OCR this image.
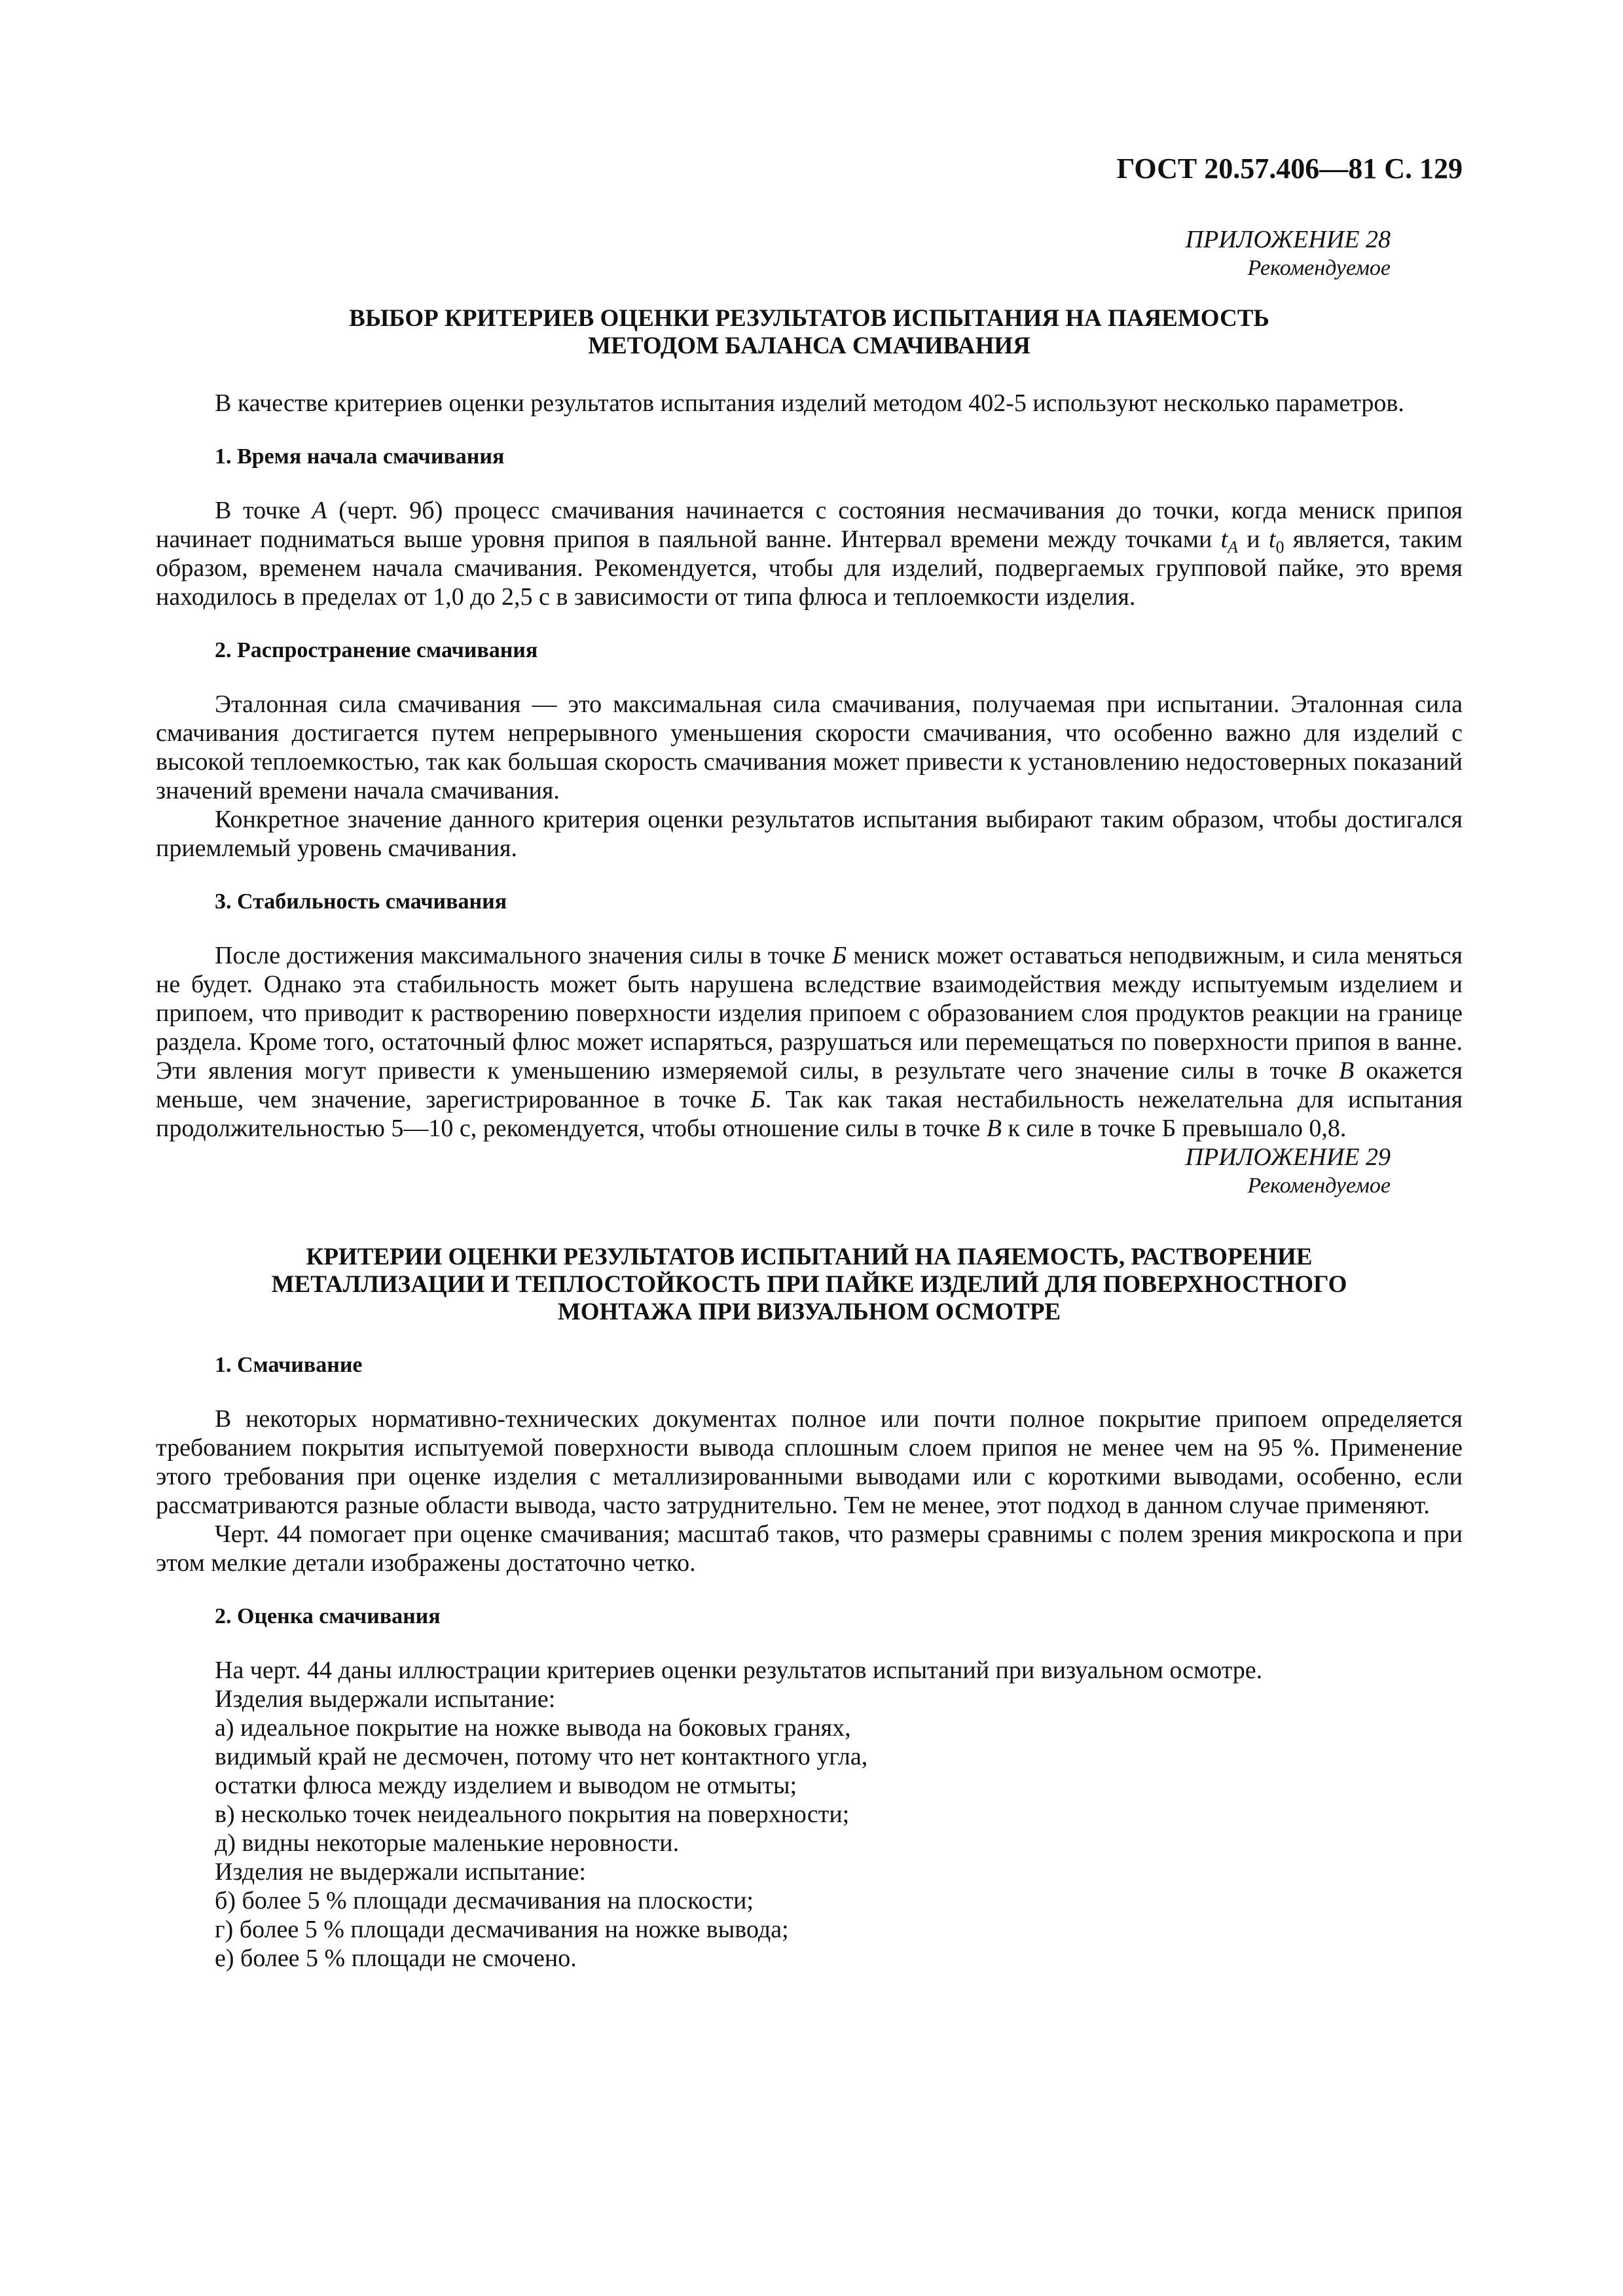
ГОСТ 20.57.406—81 С. 129
ПРИЛОЖЕНИЕ 28
Рекомендуемое
ВЫБОР КРИТЕРИЕВ ОЦЕНКИ РЕЗУЛЬТАТОВ ИСПЫТАНИЯ НА ПАЯЕМОСТЬ
МЕТОДОМ БАЛАНСА СМАЧИВАНИЯ

В качестве критериев оценки результатов испытания изделий методом 402-5 используют несколько параметров.

1. Время начала смачивания

В точке А (черт. 9б) процесс смачивания начинается с состояния несмачивания до точки, когда мениск припоя начинает подниматься выше уровня припоя в паяльной ванне. Интервал времени между точками $t_A$ и $t_0$ является, таким образом, временем начала смачивания. Рекомендуется, чтобы для изделий, подвергаемых групповой пайке, это время находилось в пределах от 1,0 до 2,5 с в зависимости от типа флюса и теплоемкости изделия.

2. Распространение смачивания

Эталонная сила смачивания — это максимальная сила смачивания, получаемая при испытании. Эталонная сила смачивания достигается путем непрерывного уменьшения скорости смачивания, что особенно важно для изделий с высокой теплоемкостью, так как большая скорость смачивания может привести к установлению недостоверных показаний значений времени начала смачивания.

Конкретное значение данного критерия оценки результатов испытания выбирают таким образом, чтобы достигался приемлемый уровень смачивания.

3. Стабильность смачивания

После достижения максимального значения силы в точке Б мениск может оставаться неподвижным, и сила меняться не будет. Однако эта стабильность может быть нарушена вследствие взаимодействия между испытуемым изделием и припоем, что приводит к растворению поверхности изделия припоем с образованием слоя продуктов реакции на границе раздела. Кроме того, остаточный флюс может испаряться, разрушаться или перемещаться по поверхности припоя в ванне. Эти явления могут привести к уменьшению измеряемой силы, в результате чего значение силы в точке В окажется меньше, чем значение, зарегистрированное в точке Б. Так как такая нестабильность нежелательна для испытания продолжительностью 5—10 с, рекомендуется, чтобы отношение силы в точке В к силе в точке Б превышало 0,8.

ПРИЛОЖЕНИЕ 29
Рекомендуемое
КРИТЕРИИ ОЦЕНКИ РЕЗУЛЬТАТОВ ИСПЫТАНИЙ НА ПАЯЕМОСТЬ, РАСТВОРЕНИЕ
МЕТАЛЛИЗАЦИИ И ТЕПЛОСТОЙКОСТЬ ПРИ ПАЙКЕ ИЗДЕЛИЙ ДЛЯ ПОВЕРХНОСТНОГО
МОНТАЖА ПРИ ВИЗУАЛЬНОМ ОСМОТРЕ
1. Смачивание

В некоторых нормативно-технических документах полное или почти полное покрытие припоем определяется требованием покрытия испытуемой поверхности вывода сплошным слоем припоя не менее чем на 95 %. Применение этого требования при оценке изделия с металлизированными выводами или с короткими выводами, особенно, если рассматриваются разные области вывода, часто затруднительно. Тем не менее, этот подход в данном случае применяют.

Черт. 44 помогает при оценке смачивания; масштаб таков, что размеры сравнимы с полем зрения микроскопа и при этом мелкие детали изображены достаточно четко.

2. Оценка смачивания
На черт. 44 даны иллюстрации критериев оценки результатов испытаний при визуальном осмотре.
Изделия выдержали испытание:
а) идеальное покрытие на ножке вывода на боковых гранях,
видимый край не десмочен, потому что нет контактного угла,
остатки флюса между изделием и выводом не отмыты;
в) несколько точек неидеального покрытия на поверхности;
д) видны некоторые маленькие неровности.
Изделия не выдержали испытание:
б) более 5 % площади десмачивания на плоскости;
г) более 5 % площади десмачивания на ножке вывода;
е) более 5 % площади не смочено.
